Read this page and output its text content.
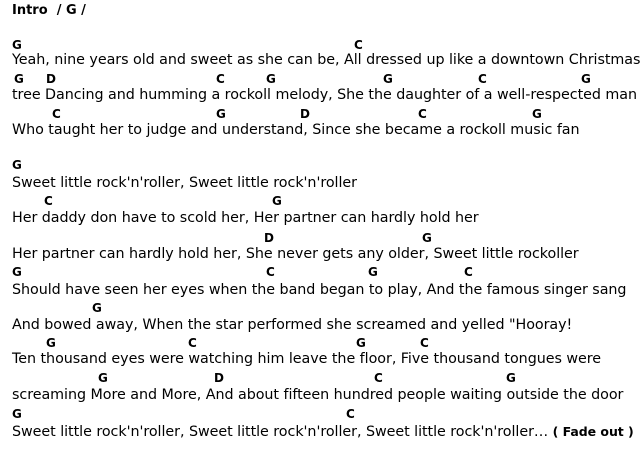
Intro  / G /
G	C
Yeah, nine years old and sweet as she can be, All dressed up like a downtown Christmas
G D	C	G	G	C	G
tree Dancing and humming a rockoll melody, She the daughter of a well-respected man
C	G	D	C	G
Who taught her to judge and understand, Since she became a rockoll music fan
G
Sweet little rock'n'roller, Sweet little rock'n'roller
C	G
Her daddy don have to scold her, Her partner can hardly hold her
D	G
Her partner can hardly hold her, She never gets any older, Sweet little rockoller
G	C	G	C
Should have seen her eyes when the band began to play, And the famous singer sang
G
And bowed away, When the star performed she screamed and yelled "Hooray!
G	C	G	C
Ten thousand eyes were watching him leave the floor, Five thousand tongues were
G	D	C	G
screaming More and More, And about fifteen hundred people waiting outside the door
G	C
Sweet little rock'n'roller, Sweet little rock'n'roller, Sweet little rock'n'roller… ( Fade out )
